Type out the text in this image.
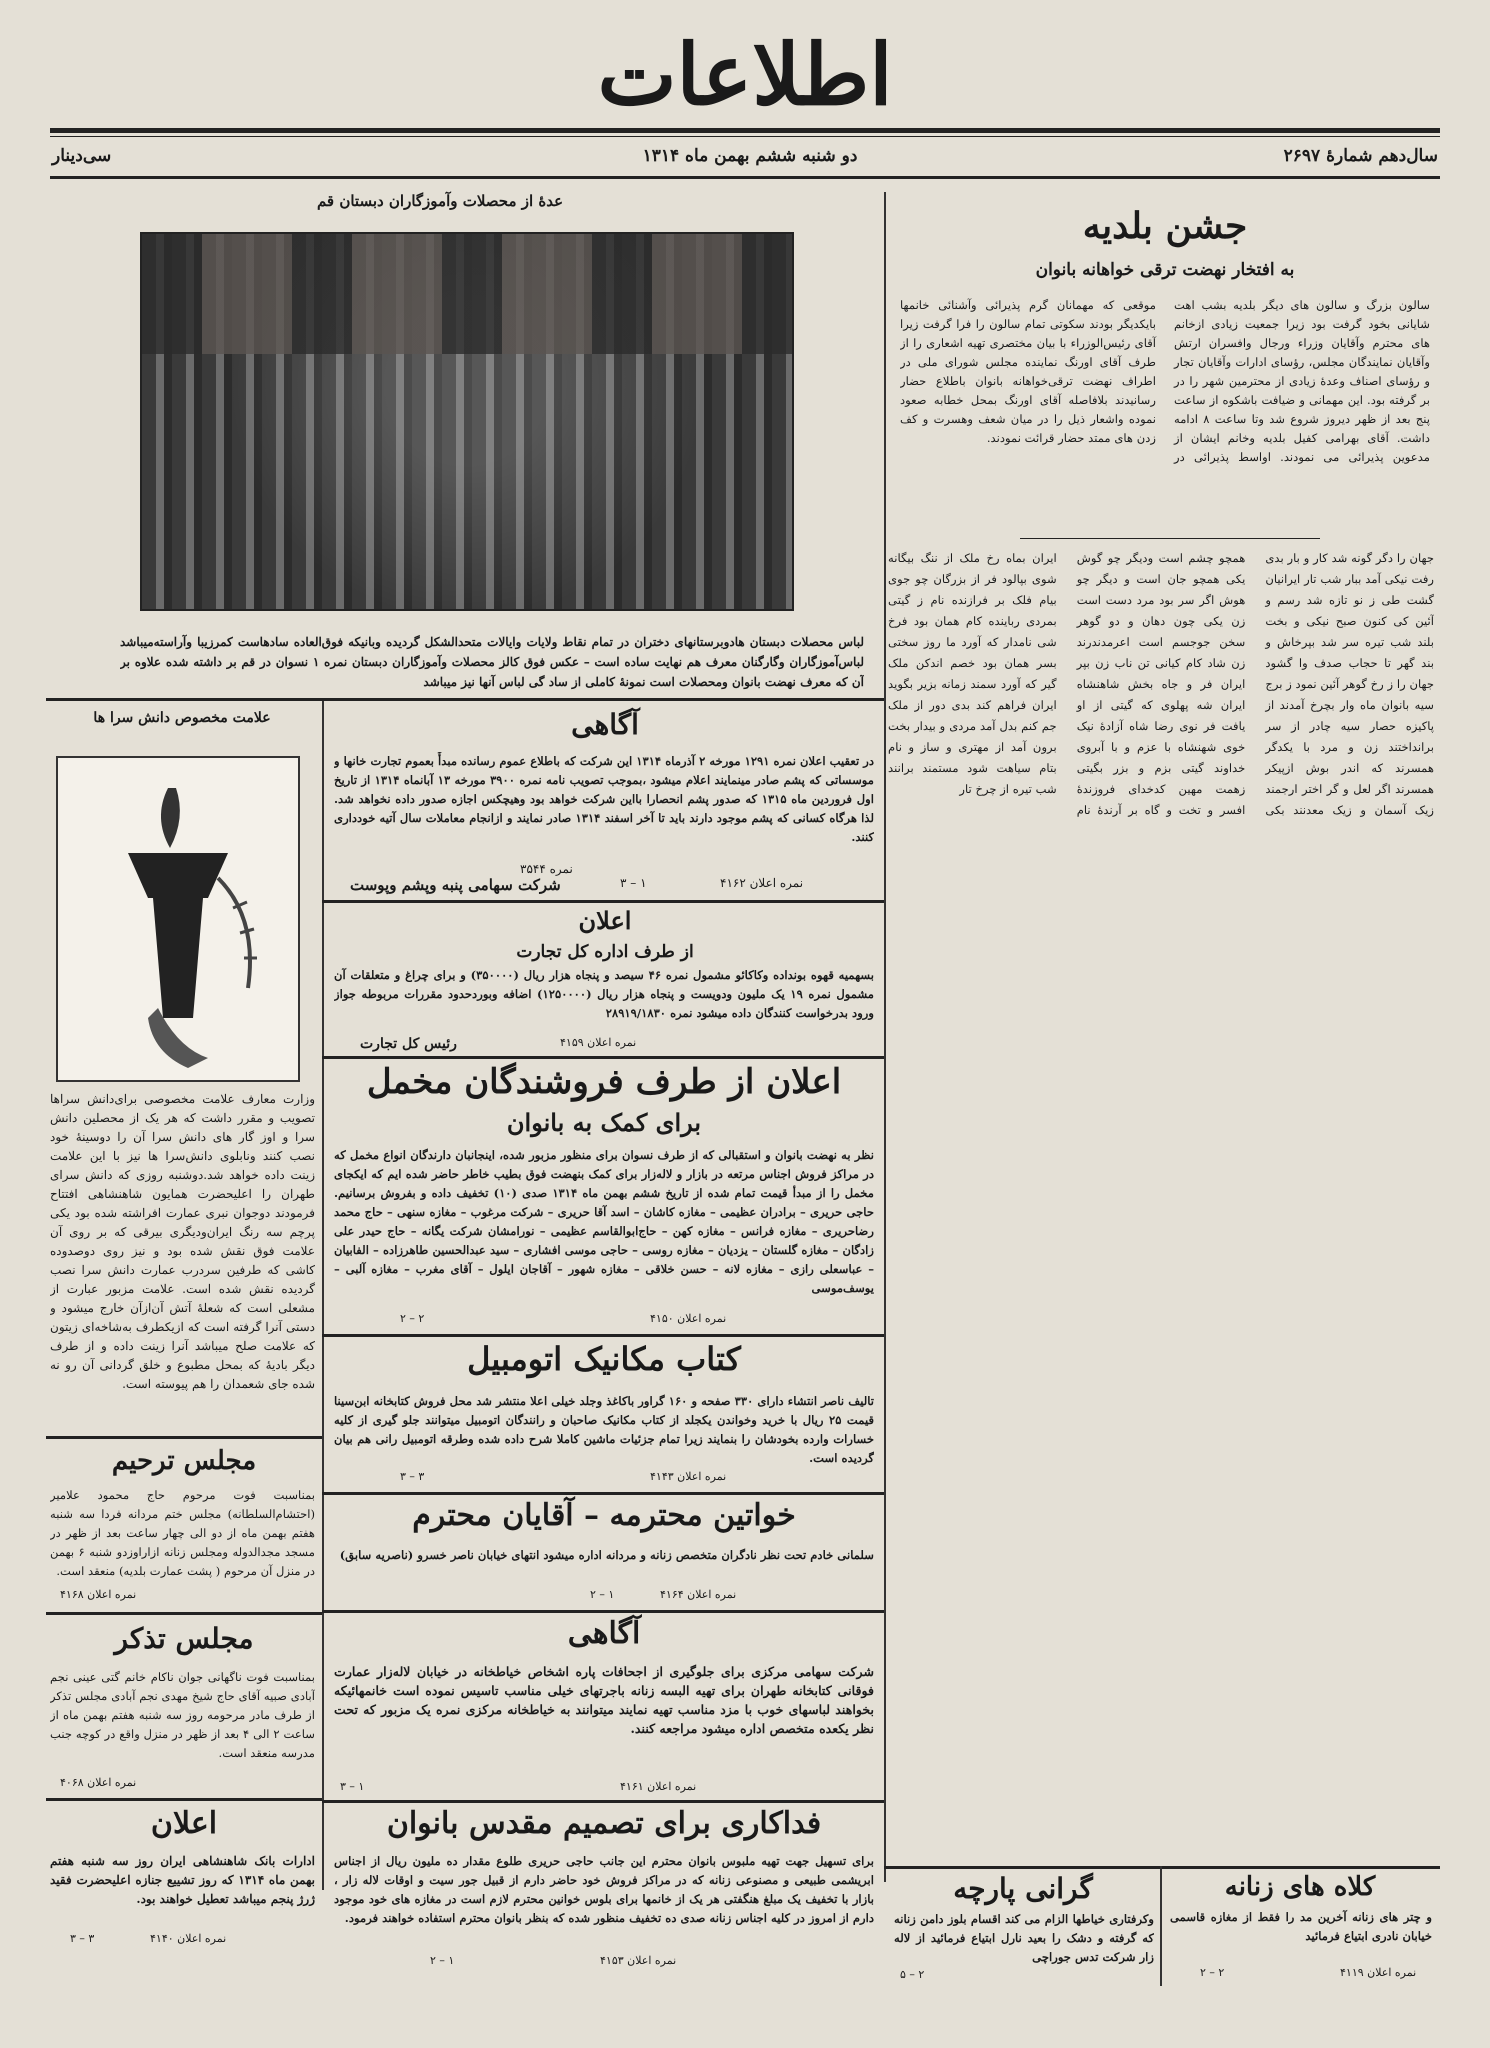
اطلاعات
سال‌دهم شمارهٔ ۲۶۹۷
دو شنبه ششم بهمن ماه ۱۳۱۴
سی‌دینار
جشن بلدیه
به افتخار نهضت ترقی خواهانه بانوان
سالون بزرگ و سالون های دیگر بلدیه بشب اهت شایانی بخود گرفت بود زیرا جمعیت زیادی ازخانم های محترم وآقایان وزراء ورجال وافسران ارتش وآقایان نمایندگان مجلس، رؤسای ادارات وآقایان تجار و رؤسای اصناف وعدهٔ زیادی از محترمین شهر را در بر گرفته بود. این مهمانی و ضیافت باشکوه از ساعت پنج بعد از ظهر دیروز شروع شد وتا ساعت ۸ ادامه داشت. آقای بهرامی کفیل بلدیه وخانم ایشان از مدعوین پذیرائی می نمودند. اواسط پذیرائی در موقعی که مهمانان گرم پذیرائی وآشنائی خانمها بایکدیگر بودند سکوتی تمام سالون را فرا گرفت زیرا آقای رئیس‌الوزراء با بیان مختصری تهیه اشعاری را از طرف آقای اورنگ نماینده مجلس شورای ملی در اطراف نهضت ترقی‌خواهانه بانوان باطلاع حضار رسانیدند بلافاصله آقای اورنگ بمحل خطابه صعود نموده واشعار ذیل را در میان شعف وهسرت و کف زدن های ممتد حضار قرائت نمودند.
جهان را دگر گونه شد کار و بار بدی رفت نیکی آمد ببار شب تار ایرانیان گشت طی ز نو تازه شد رسم و آئین کی کنون صبح نیکی و بخت بلند شب تیره سر شد بپرخاش و بند گهر تا حجاب صدف وا گشود جهان را ز رخ گوهر آئین نمود ز برج سیه بانوان ماه وار بچرخ آمدند از پاکیزه حصار سیه چادر از سر برانداختند زن و مرد با یکدگر همسرند که اندر بوش ازپیکر همسرند اگر لعل و گر اختر ارجمند زیک آسمان و زیک معدنند بکی همچو چشم است ودیگر چو گوش یکی همچو جان است و دیگر چو هوش اگر سر بود مرد دست است زن یکی چون دهان و دو گوهر سخن جوجسم است اعرمدندرند زن شاد کام کیانی تن ناب زن بپر ایران فر و جاه بخش شاهنشاه ایران شه پهلوی که گیتی از او یافت فر نوی رضا شاه آزادهٔ نیک خوی شهنشاه با عزم و با آبروی خداوند گیتی بزم و بزر بگیتی زهمت مهین کدخدای فروزندهٔ افسر و تخت و گاه بر آرندهٔ نام ایران بماه رخ ملک از ننگ بیگانه شوی بپالود فر از بزرگان چو جوی بیام فلک بر فرازنده نام ز گیتی بمردی رباینده کام همان بود فرخ شی نامدار که آورد ما روز سختی بسر همان بود خصم اندکن ملک گیر که آورد سمند زمانه بزیر بگوید ایران فراهم کند بدی دور از ملک جم کنم بدل آمد مردی و بیدار بخت برون آمد از مهتری و ساز و نام بتام سیاهت شود مستمند برانند شب تیره از چرخ تار
عدهٔ از محصلات وآموزگاران دبستان قم
لباس محصلات دبستان هادوبرستانهای دختران در تمام نقاط ولایات وایالات متحدالشکل گردیده وبانیکه فوق‌العاده سادهاست کمرزیبا وآراسته‌میباشد لباس‌آموزگاران وگارگنان معرف هم نهایت ساده است – عکس فوق کالز محصلات وآموزگاران دبستان نمره ۱ نسوان در قم بر داشته شده علاوه بر آن که معرف نهضت بانوان ومحصلات است نمونهٔ کاملی از ساد گی لباس آنها نیز میباشد
علامت مخصوص دانش سرا ها
وزارت معارف علامت مخصوصی برای‌دانش سراها تصویب و مقرر داشت که هر یک از محصلین دانش سرا و اوز گار های دانش سرا آن را دوسینهٔ خود نصب کنند ونابلوی دانش‌سرا ها نیز با این علامت زینت داده خواهد شد.دوشنبه روزی که دانش سرای طهران را اعلیحضرت همایون شاهنشاهی افتتاح فرمودند دوجوان نبری عمارت افراشته شده بود یکی پرچم سه رنگ ایران‌ودیگری بیرقی که بر روی آن علامت فوق نقش شده بود و نیز روی دوصدوده کاشی که طرفین سردرب عمارت دانش سرا نصب گردیده نقش شده است. علامت مزبور عبارت از مشعلی است که شعلهٔ آتش آن‌ازآن خارج میشود و دستی آنرا گرفته است که ازیکطرف به‌شاخه‌ای زیتون که علامت صلح میباشد آنرا زینت داده و از طرف دیگر بادیهٔ که بمحل مطبوع و خلق گردانی آن رو نه شده جای شعمدان را هم پیوسته است.
مجلس ترحیم
بمناسبت فوت مرحوم حاج محمود علامیر (احتشام‌السلطانه) مجلس ختم مردانه فردا سه شنبه هفتم بهمن ماه از دو الی چهار ساعت بعد از ظهر در مسجد مجدالدوله ومجلس زنانه ازاراوزدو شنبه ۶ بهمن در منزل آن مرحوم ( پشت عمارت بلدیه) منعقد است.
نمره اعلان ۴۱۶۸
مجلس تذکر
بمناسبت فوت ناگهانی جوان ناکام خانم گتی عینی نجم آبادی صبیه آقای حاج شیخ مهدی نجم آبادی مجلس تذکر از طرف مادر مرحومه روز سه شنبه هفتم بهمن ماه از ساعت ۲ الی ۴ بعد از ظهر در منزل واقع در کوچه جنب مدرسه منعقد است.
نمره اعلان ۴۰۶۸
اعلان
ادارات بانک شاهنشاهی ایران روز سه شنبه هفتم بهمن ماه ۱۳۱۴ که روز تشییع جنازه اعلیحضرت فقید ژرژ پنجم میباشد تعطیل خواهند بود.
نمره اعلان ۴۱۴۰
۳ – ۳
آگاهی
در تعقیب اعلان نمره ۱۲۹۱ مورخه ۲ آذرماه ۱۳۱۴ این شرکت که باطلاع عموم رسانده مبدأً بعموم تجارت خانها و موسساتی که پشم صادر مینمایند اعلام میشود ،بموجب تصویب نامه نمره ۳۹۰۰ مورخه ۱۳ آبانماه ۱۳۱۴ از تاریخ اول فروردین ماه ۱۳۱۵ که صدور پشم انحصارا بااین شرکت خواهد بود وهیچکس اجازه صدور داده نخواهد شد. لذا هرگاه کسانی که پشم موجود دارند باید تا آخر اسفند ۱۳۱۴ صادر نمایند و ازانجام معاملات سال آتیه خودداری کنند.
نمره ۳۵۴۴
شرکت سهامی پنبه وپشم وپوست	۱ – ۳	نمره اعلان ۴۱۶۲
اعلان
از طرف اداره کل تجارت
بسهمیه قهوه بونداده وکاکائو مشمول نمره ۴۶ سیصد و پنجاه هزار ریال (۳۵۰۰۰۰) و برای چراغ و متعلقات آن مشمول نمره ۱۹ یک ملیون ودویست و پنجاه هزار ریال (۱۲۵۰۰۰۰) اضافه وبوردحدود مقررات مربوطه جواز ورود بدرخواست کنندگان داده میشود نمره ۲۸۹۱۹/۱۸۳۰
رئیس کل تجارت	نمره اعلان ۴۱۵۹
اعلان از طرف فروشندگان مخمل
برای کمک به بانوان
نظر به نهضت بانوان و استقبالی که از طرف نسوان برای منظور مزبور شده، اینجانبان دارندگان انواع مخمل که در مراکز فروش اجناس مرتعه در بازار و لاله‌زار برای کمک بنهضت فوق بطیب خاطر حاضر شده ایم که ایکجای مخمل را از مبدأ قیمت تمام شده از تاریخ ششم بهمن ماه ۱۳۱۴ صدی (۱۰) تخفیف داده و بفروش برسانیم. حاجی حریری – برادران عظیمی – مغازه کاشان – اسد آقا حریری – شرکت مرغوب – مغازه سنهی – حاج محمد رضاحریری – مغازه فرانس – مغازه کهن – حاج‌ابوالقاسم عظیمی – نورامشان شرکت یگانه – حاج حیدر علی زادگان – مغازه گلستان – یزدیان – مغازه روسی – حاجی موسی افشاری – سید عبدالحسین طاهرزاده – الفابیان – عباسعلی رازی – مغازه لانه – حسن خلاقی – مغازه شهور – آقاجان ایلول – آقای مغرب – مغازه آلبی – یوسف‌موسی
نمره اعلان ۴۱۵۰
۲ – ۲
کتاب مکانیک اتومبیل
تالیف ناصر انتشاء دارای ۳۳۰ صفحه و ۱۶۰ گراور باکاغذ وجلد خیلی اعلا منتشر شد محل فروش کتابخانه ابن‌سینا قیمت ۲۵ ریال با خرید وخواندن یکجلد از کتاب مکانیک صاحبان و رانندگان اتومبیل میتوانند جلو گیری از کلیه خسارات وارده بخودشان را بنمایند زیرا تمام جزئیات ماشین کاملا شرح داده شده وطرقه اتومبیل رانی هم بیان گردیده است.
نمره اعلان ۴۱۴۳
۳ – ۳
خواتین محترمه – آقایان محترم
سلمانی خادم تحت نظر نادگران متخصص زنانه و مردانه اداره میشود انتهای خیابان ناصر خسرو (ناصریه سابق)
نمره اعلان ۴۱۶۴
۱ – ۲
آگاهی
شرکت سهامی مرکزی برای جلوگیری از اجحافات پاره اشخاص خیاطخانه در خیابان لاله‌زار عمارت فوقانی کتابخانه طهران برای تهیه البسه زنانه باجرتهای خیلی مناسب تاسیس نموده است خانمهائیکه بخواهند لباسهای خوب با مزد مناسب تهیه نمایند میتوانند به خیاطخانه مرکزی نمره یک مزبور که تحت نظر یکعده متخصص اداره میشود مراجعه کنند.
نمره اعلان ۴۱۶۱
۱ – ۳
فداکاری برای تصمیم مقدس بانوان
برای تسهیل جهت تهیه ملبوس بانوان محترم این جانب حاجی حریری طلوع مقدار ده ملیون ریال از اجناس ابریشمی طبیعی و مصنوعی زنانه که در مراکز فروش خود حاضر دارم از قبیل جور سیت و اوقات لاله زار ، بازار با تخفیف یک مبلغ هنگفتی هر یک از خانمها برای بلوس خوانین محترم لازم است در مغازه های خود موجود دارم از امروز در کلیه اجناس زنانه صدی ده تخفیف منظور شده که بنظر بانوان محترم استفاده خواهند فرمود.
نمره اعلان ۴۱۵۳
۱ – ۲
گرانی پارچه
وکرفتاری خیاطها الزام می کند اقسام بلوز دامن زنانه که گرفته و دشک را بعید نارل ابتیاع فرمائید از لاله زار شرکت تدس جوراچی
۲ – ۵
کلاه های زنانه
و چتر های زنانه آخرین مد را فقط از مغازه قاسمی خیابان نادری ابتیاع فرمائید
نمره اعلان ۴۱۱۹
۲ – ۲
